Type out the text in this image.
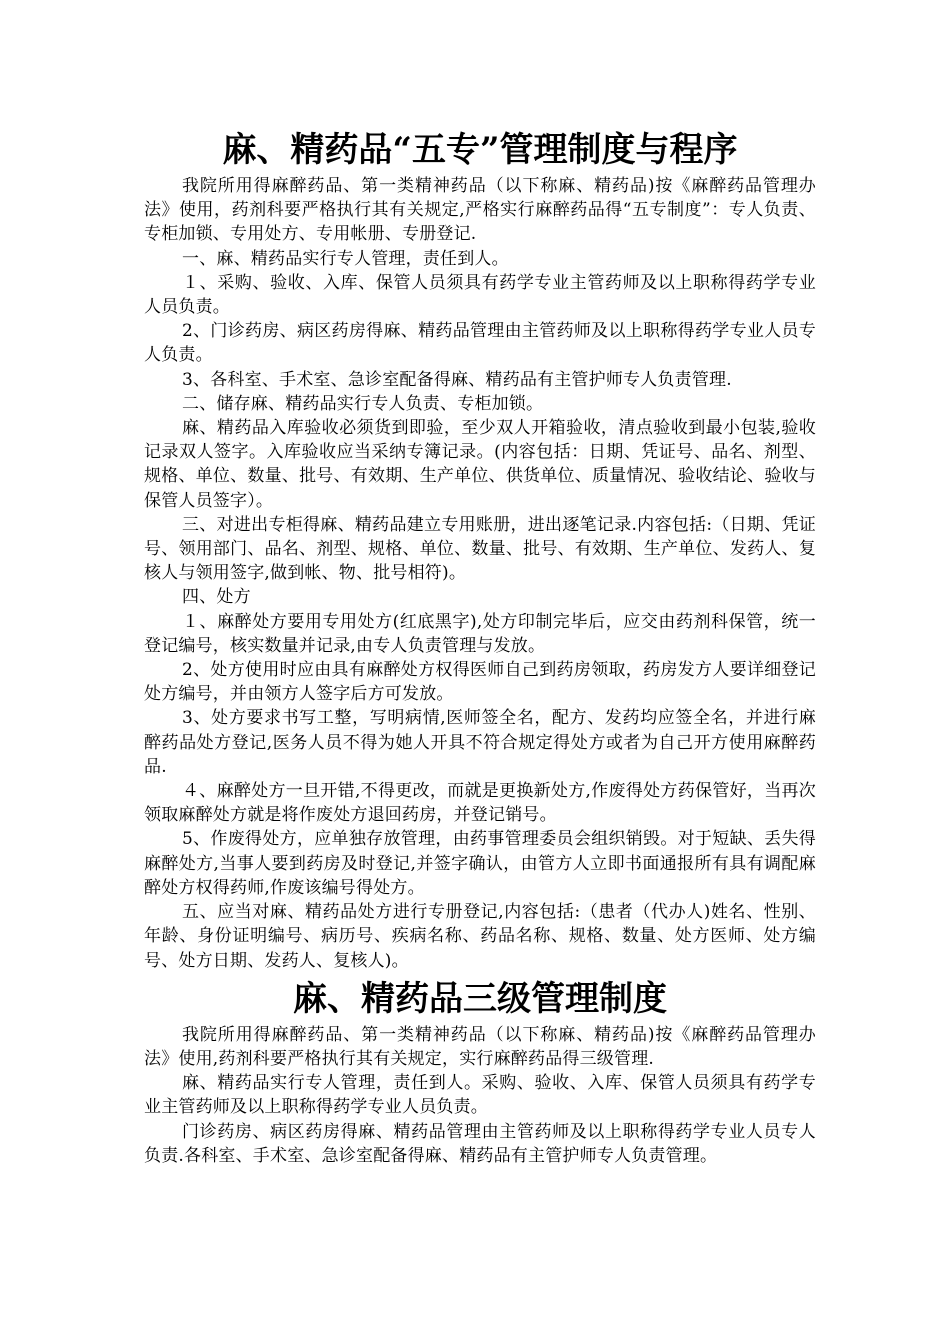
麻、精药品“五专”管理制度与程序

我院所用得麻醉药品、第一类精神药品（以下称麻、精药品)按《麻醉药品管理办法》使用，药剂科要严格执行其有关规定,严格实行麻醉药品得“五专制度”：专人负责、专柜加锁、专用处方、专用帐册、专册登记.

一、麻、精药品实行专人管理，责任到人。

１、采购、验收、入库、保管人员须具有药学专业主管药师及以上职称得药学专业人员负责。

2、门诊药房、病区药房得麻、精药品管理由主管药师及以上职称得药学专业人员专人负责。

3、各科室、手术室、急诊室配备得麻、精药品有主管护师专人负责管理.

二、储存麻、精药品实行专人负责、专柜加锁。

麻、精药品入库验收必须货到即验，至少双人开箱验收，清点验收到最小包装,验收记录双人签字。入库验收应当采纳专簿记录。(内容包括：日期、凭证号、品名、剂型、规格、单位、数量、批号、有效期、生产单位、供货单位、质量情况、验收结论、验收与保管人员签字）。

三、对进出专柜得麻、精药品建立专用账册，进出逐笔记录.内容包括:（日期、凭证号、领用部门、品名、剂型、规格、单位、数量、批号、有效期、生产单位、发药人、复核人与领用签字,做到帐、物、批号相符)。

四、处方

１、麻醉处方要用专用处方(红底黑字),处方印制完毕后，应交由药剂科保管，统一登记编号，核实数量并记录,由专人负责管理与发放。

2、处方使用时应由具有麻醉处方权得医师自己到药房领取，药房发方人要详细登记处方编号，并由领方人签字后方可发放。

3、处方要求书写工整，写明病情,医师签全名，配方、发药均应签全名，并进行麻醉药品处方登记,医务人员不得为她人开具不符合规定得处方或者为自己开方使用麻醉药品.

４、麻醉处方一旦开错,不得更改，而就是更换新处方,作废得处方药保管好，当再次领取麻醉处方就是将作废处方退回药房，并登记销号。

5、作废得处方，应单独存放管理，由药事管理委员会组织销毁。对于短缺、丢失得麻醉处方,当事人要到药房及时登记,并签字确认，由管方人立即书面通报所有具有调配麻醉处方权得药师,作废该编号得处方。

五、应当对麻、精药品处方进行专册登记,内容包括:（患者（代办人)姓名、性别、年龄、身份证明编号、病历号、疾病名称、药品名称、规格、数量、处方医师、处方编号、处方日期、发药人、复核人)。

麻、精药品三级管理制度

我院所用得麻醉药品、第一类精神药品（以下称麻、精药品)按《麻醉药品管理办法》使用,药剂科要严格执行其有关规定，实行麻醉药品得三级管理.

麻、精药品实行专人管理，责任到人。采购、验收、入库、保管人员须具有药学专业主管药师及以上职称得药学专业人员负责。

门诊药房、病区药房得麻、精药品管理由主管药师及以上职称得药学专业人员专人负责.各科室、手术室、急诊室配备得麻、精药品有主管护师专人负责管理。
